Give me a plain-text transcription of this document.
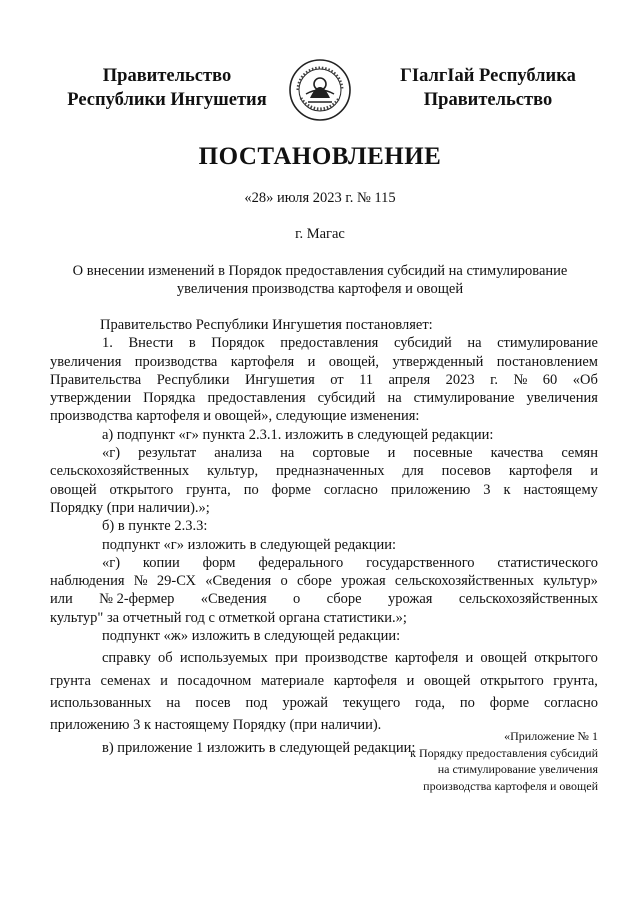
Правительство
Республики Ингушетия
ГӀалгӀай Республика
Правительство
ПОСТАНОВЛЕНИЕ
«28» июля 2023 г. № 115
г. Магас
О внесении изменений в Порядок предоставления субсидий на стимулирование
увеличения производства картофеля и овощей
Правительство Республики Ингушетия постановляет:
1. Внести в Порядок предоставления субсидий на стимулирование
увеличения производства картофеля и овощей, утвержденный постановлением
Правительства Республики Ингушетия от 11 апреля 2023 г. № 60 «Об
утверждении Порядка предоставления субсидий на стимулирование увеличения
производства картофеля и овощей», следующие изменения:
а) подпункт «г» пункта 2.3.1. изложить в следующей редакции:
«г) результат анализа на сортовые и посевные качества семян
сельскохозяйственных культур, предназначенных для посевов картофеля и
овощей открытого грунта, по форме согласно приложению 3 к настоящему
Порядку (при наличии).»;
б) в пункте 2.3.3:
подпункт «г» изложить в следующей редакции:
«г) копии форм федерального государственного статистического
наблюдения № 29-СХ «Сведения о сборе урожая сельскохозяйственных культур»
или № 2-фермер «Сведения о сборе урожая сельскохозяйственных
культур" за отчетный год с отметкой органа статистики.»;
подпункт «ж» изложить в следующей редакции:
справку об используемых при производстве картофеля и овощей открытого
грунта семенах и посадочном материале картофеля и овощей открытого грунта,
использованных на посев под урожай текущего года, по форме согласно
приложению 3 к настоящему Порядку (при наличии).
в) приложение 1 изложить в следующей редакции:
«Приложение № 1
к Порядку предоставления субсидий
на стимулирование увеличения
производства картофеля и овощей
